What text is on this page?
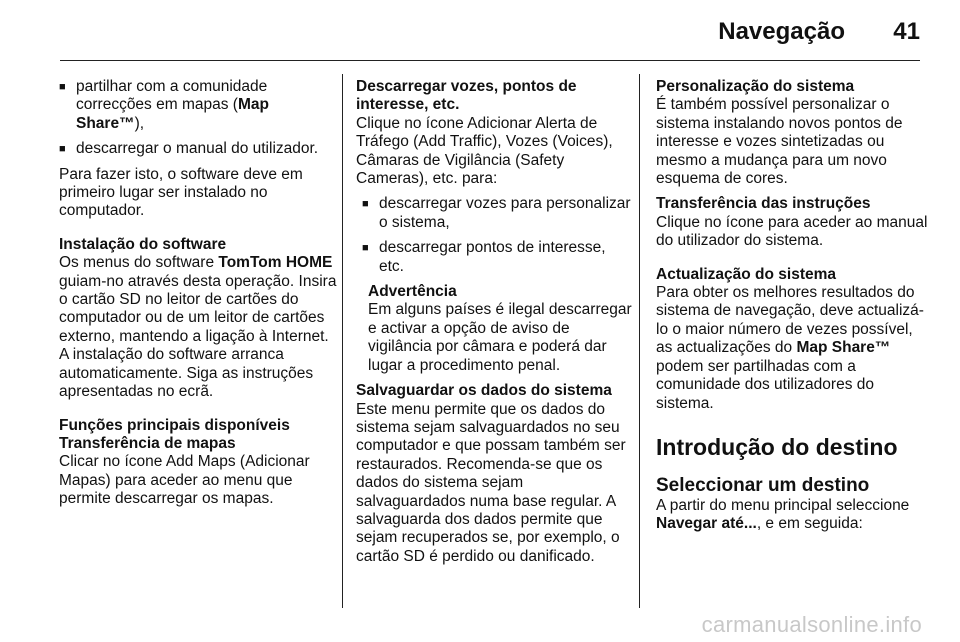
Navegação 41

■ partilhar com a comunidade correcções em mapas (Map Share™),

■ descarregar o manual do utilizador.

Para fazer isto, o software deve em primeiro lugar ser instalado no computador.

Instalação do software

Os menus do software TomTom HOME guiam-no através desta operação. Insira o cartão SD no leitor de cartões do computador ou de um leitor de cartões externo, mantendo a ligação à Internet. A instalação do software arranca automaticamente. Siga as instruções apresentadas no ecrã.

Funções principais disponíveis

Transferência de mapas

Clicar no ícone Add Maps (Adicionar Mapas) para aceder ao menu que permite descarregar os mapas.

Descarregar vozes, pontos de interesse, etc.

Clique no ícone Adicionar Alerta de Tráfego (Add Traffic), Vozes (Voices), Câmaras de Vigilância (Safety Cameras), etc. para:

■ descarregar vozes para personalizar o sistema,

■ descarregar pontos de interesse, etc.

Advertência

Em alguns países é ilegal descarregar e activar a opção de aviso de vigilância por câmara e poderá dar lugar a procedimento penal.

Salvaguardar os dados do sistema

Este menu permite que os dados do sistema sejam salvaguardados no seu computador e que possam também ser restaurados. Recomenda-se que os dados do sistema sejam salvaguardados numa base regular. A salvaguarda dos dados permite que sejam recuperados se, por exemplo, o cartão SD é perdido ou danificado.

Personalização do sistema

É também possível personalizar o sistema instalando novos pontos de interesse e vozes sintetizadas ou mesmo a mudança para um novo esquema de cores.

Transferência das instruções

Clique no ícone para aceder ao manual do utilizador do sistema.

Actualização do sistema

Para obter os melhores resultados do sistema de navegação, deve actualizá-lo o maior número de vezes possível, as actualizações do Map Share™ podem ser partilhadas com a comunidade dos utilizadores do sistema.

Introdução do destino

Seleccionar um destino

A partir do menu principal seleccione Navegar até..., e em seguida:

carmanualsonline.info
